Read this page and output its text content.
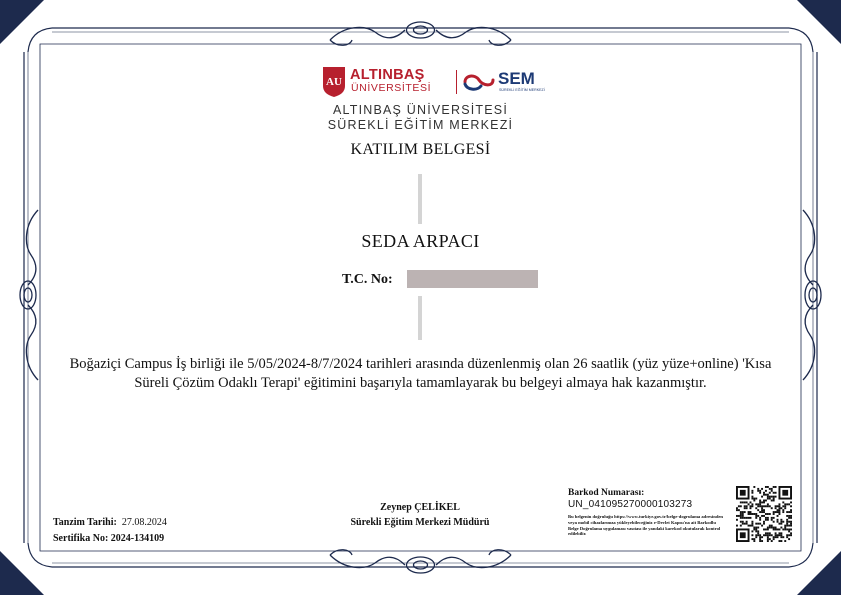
AU ALTINBAŞ
ÜNİVERSİTESİ	SEM
SÜREKLİ EĞİTİM MERKEZİ
ALTINBAŞ ÜNİVERSİTESİ
SÜREKLİ EĞİTİM MERKEZİ
KATILIM BELGESİ
SEDA ARPACI
T.C. No:
Boğaziçi Campus İş birliği ile 5/05/2024-8/7/2024 tarihleri arasında düzenlenmiş olan 26 saatlik (yüz yüze+online) 'Kısa Süreli Çözüm Odaklı Terapi' eğitimini başarıyla tamamlayarak bu belgeyi almaya hak kazanmıştır.
Tanzim Tarihi: 27.08.2024
Sertifika No: 2024-134109
Zeynep ÇELİKEL
Sürekli Eğitim Merkezi Müdürü
Barkod Numarası:
UN_041095270000103273
Bu belgenin doğruluğu https://www.turkiye.gov.tr/belge-dogrulama adresinden veya mobil cihazlarınıza yükleyebileceğiniz e-Devlet Kapısı'na ait Barkodlu Belge Doğrulama uygulaması vasıtası ile yandaki karekod okutularak kontrol edilebilir.
